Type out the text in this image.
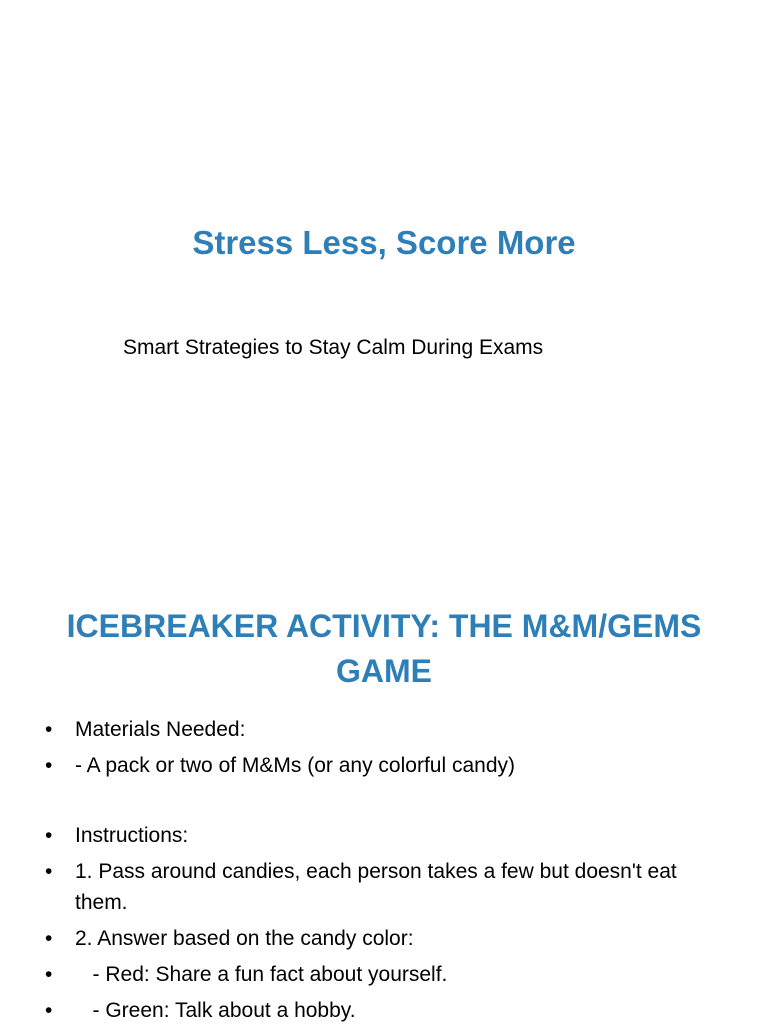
Stress Less, Score More
Smart Strategies to Stay Calm During Exams
ICEBREAKER ACTIVITY: THE M&M/GEMS GAME
• Materials Needed:
• - A pack or two of M&Ms (or any colorful candy)
• Instructions:
• 1. Pass around candies, each person takes a few but doesn't eat them.
• 2. Answer based on the candy color:
• - Red: Share a fun fact about yourself.
• - Green: Talk about a hobby.
